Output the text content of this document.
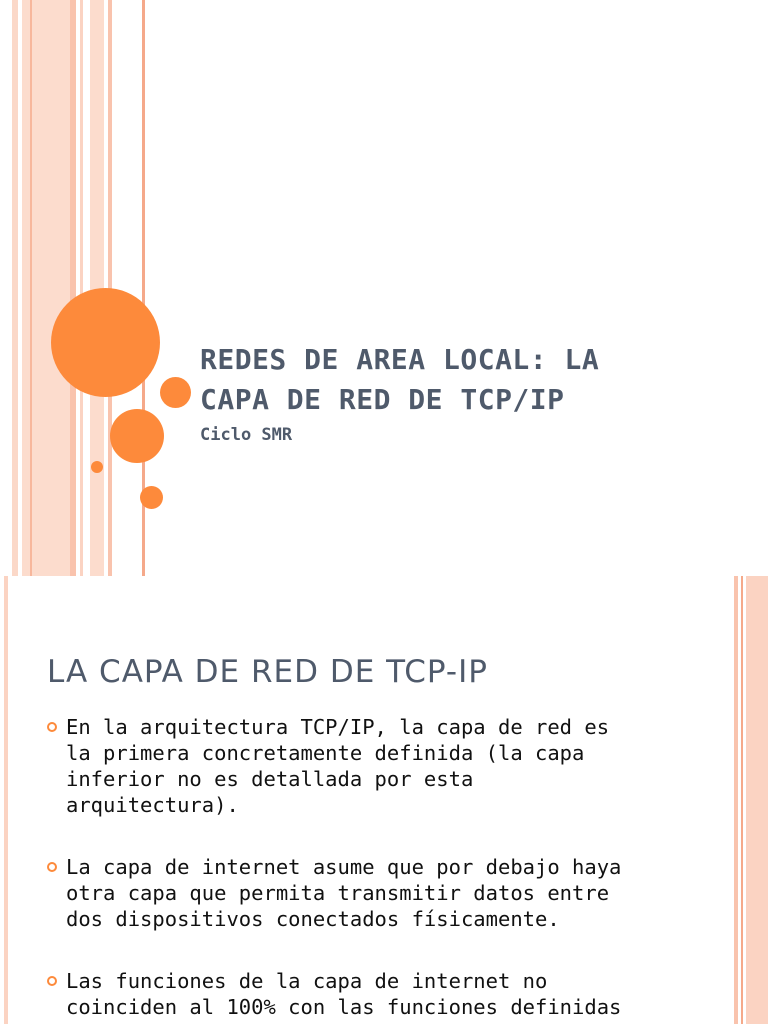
REDES DE AREA LOCAL: LA
CAPA DE RED DE TCP/IP

Ciclo SMR

LA CAPA DE RED DE TCP-IP
En la arquitectura TCP/IP, la capa de red es
la primera concretamente definida (la capa
inferior no es detallada por esta
arquitectura).
La capa de internet asume que por debajo haya
otra capa que permita transmitir datos entre
dos dispositivos conectados físicamente.
Las funciones de la capa de internet no
coinciden al 100% con las funciones definidas
